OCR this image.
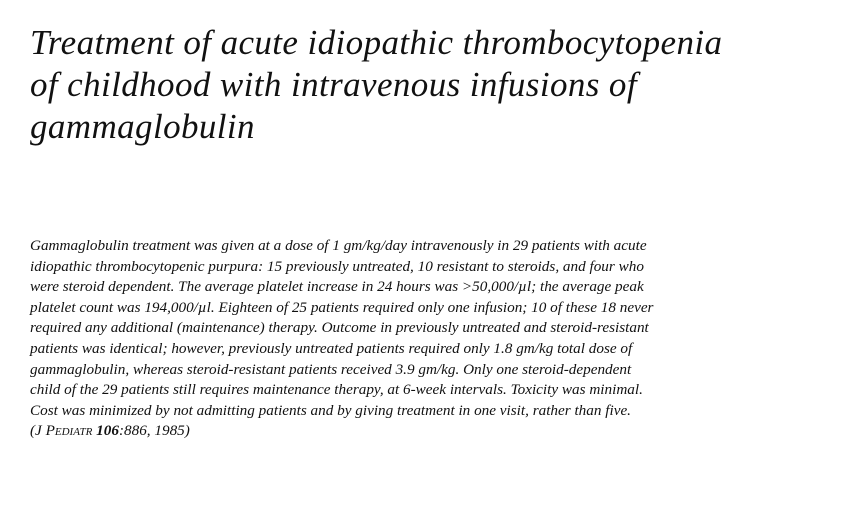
Treatment of acute idiopathic thrombocytopenia
of childhood with intravenous infusions of
gammaglobulin

Gammaglobulin treatment was given at a dose of 1 gm/kg/day intravenously in 29 patients with acute
idiopathic thrombocytopenic purpura: 15 previously untreated, 10 resistant to steroids, and four who
were steroid dependent. The average platelet increase in 24 hours was >50,000/µl; the average peak
platelet count was 194,000/µl. Eighteen of 25 patients required only one infusion; 10 of these 18 never
required any additional (maintenance) therapy. Outcome in previously untreated and steroid-resistant
patients was identical; however, previously untreated patients required only 1.8 gm/kg total dose of
gammaglobulin, whereas steroid-resistant patients received 3.9 gm/kg. Only one steroid-dependent
child of the 29 patients still requires maintenance therapy, at 6-week intervals. Toxicity was minimal.
Cost was minimized by not admitting patients and by giving treatment in one visit, rather than five.
(J Pediatr 106:886, 1985)
